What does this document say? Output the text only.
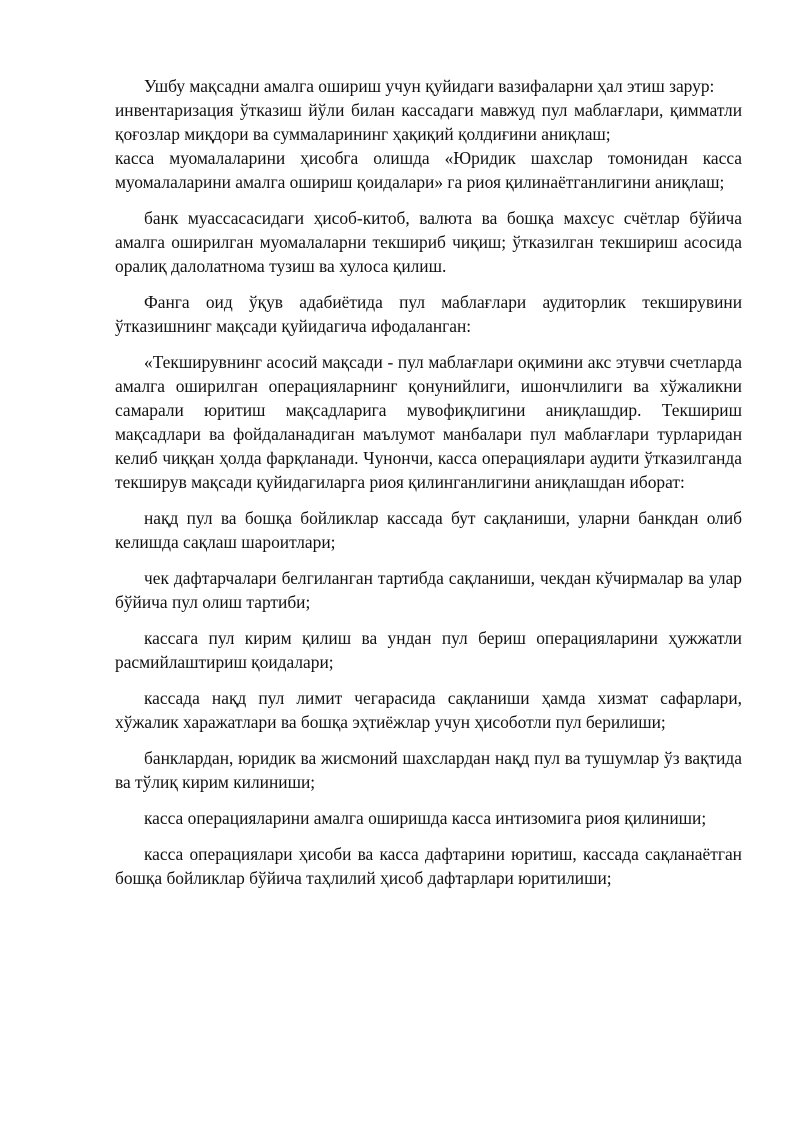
Ушбу мақсадни амалга ошириш учун қуйидаги вазифаларни ҳал этиш зарур:

инвентаризация ўтказиш йўли билан кассадаги мавжуд пул маблағлари, қимматли қоғозлар миқдори ва суммаларининг ҳақиқий қолдиғини аниқлаш;

касса муомалаларини ҳисобга олишда «Юридик шахслар томонидан касса муомалаларини амалга ошириш қоидалари» га риоя қилинаётганлигини аниқлаш;

банк муассасасидаги ҳисоб-китоб, валюта ва бошқа махсус счётлар бўйича амалга оширилган муомалаларни текшириб чиқиш; ўтказилган текшириш асосида оралиқ далолатнома тузиш ва хулоса қилиш.

Фанга оид ўқув адабиётида пул маблағлари аудиторлик текширувини ўтказишнинг мақсади қуйидагича ифодаланган:

«Текширувнинг асосий мақсади - пул маблағлари оқимини акс этувчи счетларда амалга оширилган операцияларнинг қонунийлиги, ишончлилиги ва хўжаликни самарали юритиш мақсадларига мувофиқлигини аниқлашдир. Текшириш мақсадлари ва фойдаланадиган маълумот манбалари пул маблағлари турларидан келиб чиққан ҳолда фарқланади. Чунончи, касса операциялари аудити ўтказилганда текширув мақсади қуйидагиларга риоя қилинганлигини аниқлашдан иборат:

нақд пул ва бошқа бойликлар кассада бут сақланиши, уларни банкдан олиб келишда сақлаш шароитлари;

чек дафтарчалари белгиланган тартибда сақланиши, чекдан кўчирмалар ва улар бўйича пул олиш тартиби;

кассага пул кирим қилиш ва ундан пул бериш операцияларини ҳужжатли расмийлаштириш қоидалари;

кассада нақд пул лимит чегарасида сақланиши ҳамда хизмат сафарлари, хўжалик харажатлари ва бошқа эҳтиёжлар учун ҳисоботли пул берилиши;

банклардан, юридик ва жисмоний шахслардан нақд пул ва тушумлар ўз вақтида ва тўлиқ кирим килиниши;

касса операцияларини амалга оширишда касса интизомига риоя қилиниши;

касса операциялари ҳисоби ва касса дафтарини юритиш, кассада сақланаётган бошқа бойликлар бўйича таҳлилий ҳисоб дафтарлари юритилиши;
